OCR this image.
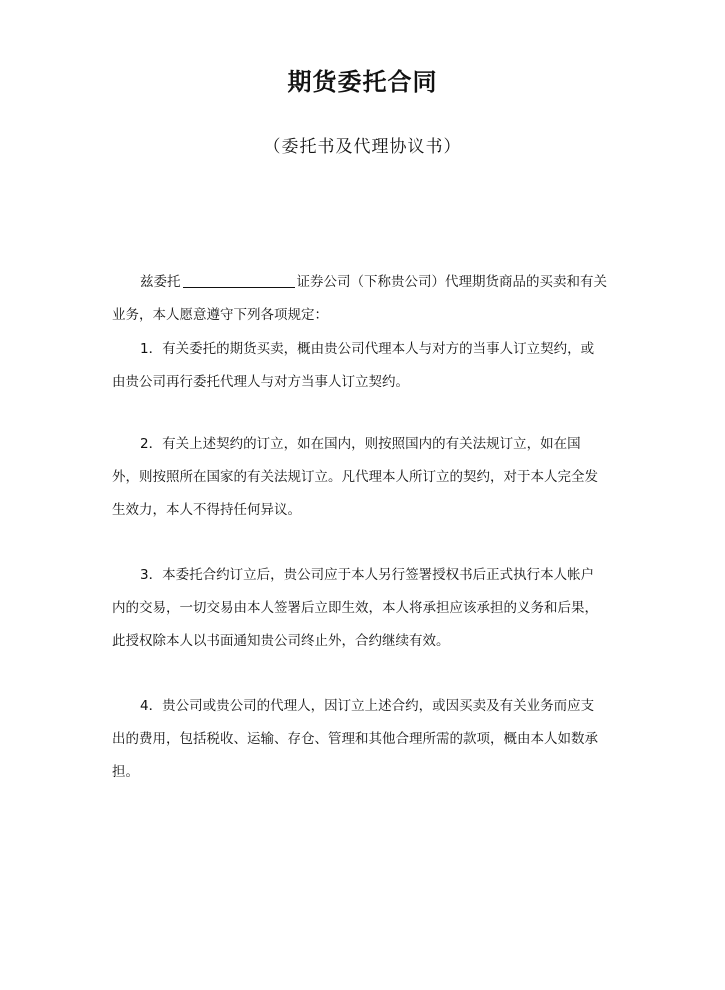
期货委托合同
（委托书及代理协议书）
兹委托	证券公司（下称贵公司）代理期货商品的买卖和有关
业务，本人愿意遵守下列各项规定：
1．有关委托的期货买卖，概由贵公司代理本人与对方的当事人订立契约，或
由贵公司再行委托代理人与对方当事人订立契约。
2．有关上述契约的订立，如在国内，则按照国内的有关法规订立，如在国
外，则按照所在国家的有关法规订立。凡代理本人所订立的契约，对于本人完全发
生效力，本人不得持任何异议。
3．本委托合约订立后，贵公司应于本人另行签署授权书后正式执行本人帐户
内的交易，一切交易由本人签署后立即生效，本人将承担应该承担的义务和后果，
此授权除本人以书面通知贵公司终止外，合约继续有效。
4．贵公司或贵公司的代理人，因订立上述合约，或因买卖及有关业务而应支
出的费用，包括税收、运输、存仓、管理和其他合理所需的款项，概由本人如数承
担。
